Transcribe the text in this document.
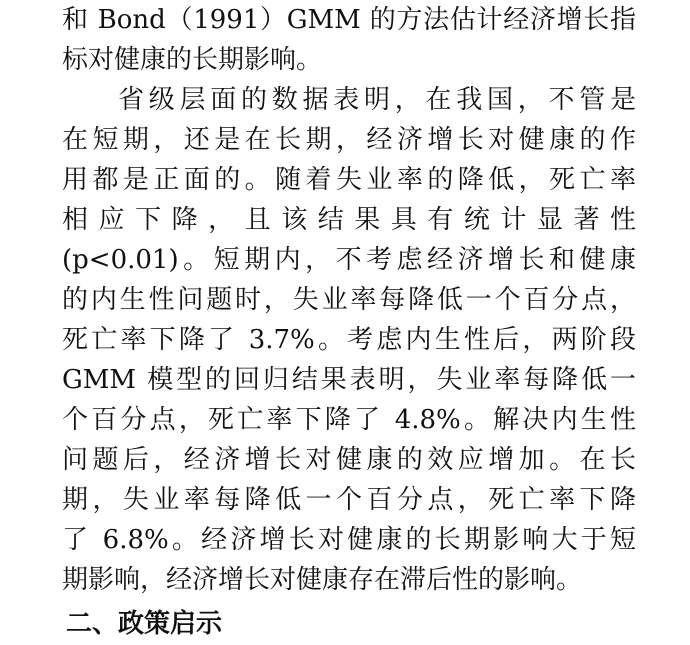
和 Bond（1991）GMM 的方法估计经济增长指
标对健康的长期影响。
省级层面的数据表明，在我国，不管是
在短期，还是在长期，经济增长对健康的作
用都是正面的。随着失业率的降低，死亡率
相应下降，且该结果具有统计显著性
(p<0.01)。短期内，不考虑经济增长和健康
的内生性问题时，失业率每降低一个百分点，
死亡率下降了 3.7%。考虑内生性后，两阶段
GMM 模型的回归结果表明，失业率每降低一
个百分点，死亡率下降了 4.8%。解决内生性
问题后，经济增长对健康的效应增加。在长
期，失业率每降低一个百分点，死亡率下降
了 6.8%。经济增长对健康的长期影响大于短
期影响，经济增长对健康存在滞后性的影响。
二、政策启示
